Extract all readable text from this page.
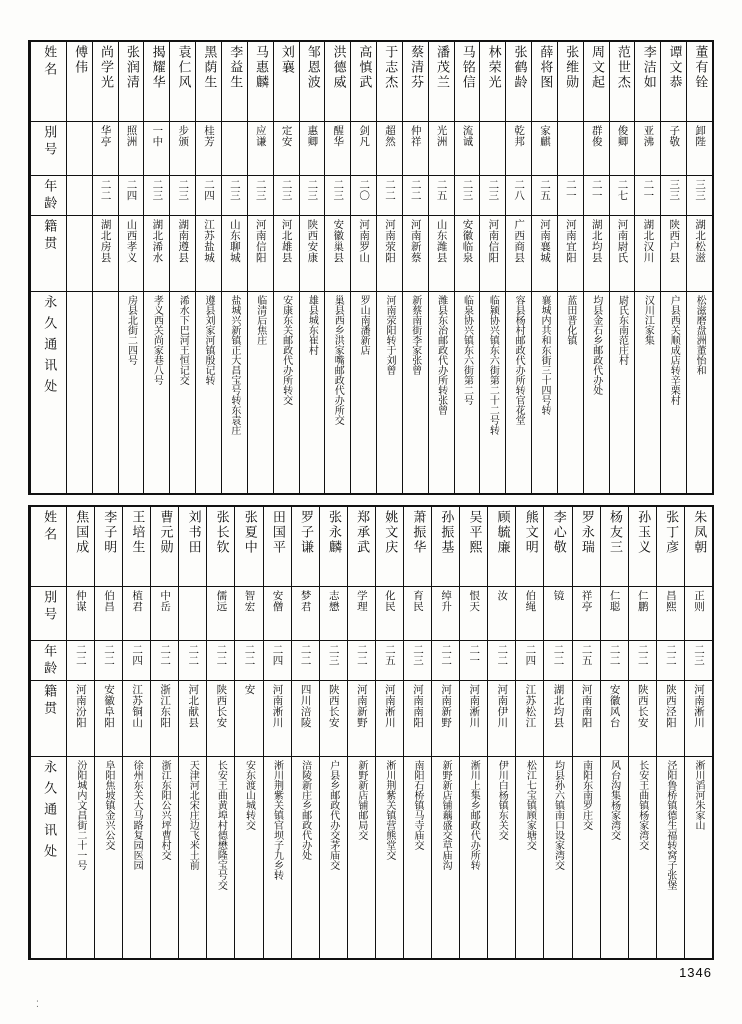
董有铨
卸陛
三三
湖北松滋
松滋磨盘洲董怡和
谭文恭
子敬
三三
陕西户县
户县西关顺成店转辛栗村
李洁如
亚沸
二一
湖北汉川
汉川江家集
范世杰
俊卿
二七
河南尉氏
尉氏东南范庄村
周文起
群俊
二一
湖北均县
均县金石乡邮政代办处
张维勋
二一
河南宜阳
蓝田普化镇
薛将图
家麒
二五
河南襄城
襄城内共和东街三十四号转
张鹤龄
乾邦
二八
广西商县
容县杨村邮政代办所转官花堂
林荣光
二三
河南信阳
临颍协兴镇东六街第二十二号转
马铭信
流诚
二三
安徽临泉
临泉协兴镇东六街第二号
潘茂兰
光洲
二五
山东潍县
潍县东治邮政代办所转张曾
蔡清芬
仲祥
二二
河南新蔡
新蔡南街李家张曾
于志杰
超然
二二
河南荥阳
河南荥阳转于刘曾
高慎武
剑凡
二〇
河南罗山
罗山南潘新店
洪德威
醒华
二三
安徽巢县
巢县西乡洪家嘴邮政代办所交
邹恩波
惠卿
二三
陕西安康
雄县城东崔村
刘襄
定安
二三
河北雄县
安康东关邮政代办所转交
马惠麟
应谦
二三
河南信阳
临清后焦庄
李益生
二三
山东聊城
盐城兴新镇正大昌宝号转东袁庄
黑荫生
桂芳
二四
江苏盐城
遵县刘家河镇殷记转
袁仁风
步颁
二三
湖南遵县
浠水下巴河王恒记交
揭耀华
一中
二三
湖北浠水
孝义西关尚家巷八号
张润清
照洲
二四
山西孝义
房县北街二四号
尚学光
华亭
二二
湖北房县
傅伟
姓名
別号
年龄
籍贯
永久通讯处
朱凤朝
正则
二三
河南淅川
淅川滔河朱家山
张丁彦
昌熙
二二
陕西泾阳
泾阳鲁桥镇德生福转窝子张堡
孙玉义
仁鹏
二二
陕西长安
长安王曲镇杨家湾交
杨友三
仁聪
二二
安徽风台
风台沟集杨家湾交
罗永瑞
祥亭
二五
河南南阳
南阳东南罗庄交
李心敬
镜
二二
湖北均县
均县孙六镇南口设家湾交
熊文明
伯绳
二四
江苏松江
松江七宝镇顾家塘交
顾毓廉
汝
二二
河南伊川
伊川白杨镇东关交
吴平熙
恨天
二一
河南淅川
淅川上集乡邮政代办所转
孙振基
绰升
二二
河南新野
新野新店铺藕盛交草庙沟
萧振华
育民
二三
河南南阳
南阳石桥镇马寺庙交
姚文庆
化民
二五
河南淅川
淅川荆紫关镇营熊堂交
郑承武
学理
二二
河南新野
新野新店铺邮局交
张永麟
志懋
二三
陕西长安
户县乡邮政代办交茅庙交
罗子谦
梦君
二二
四川涪陵
涪陵新庄乡邮政代办处
田国平
安僧
二四
河南淅川
淅川荆紫关镇官坝子九乡转
张夏中
智宏
二二
安
安东渡山城转交
张长钦
儒远
二二
陕西长安
长安王曲黄埠村德懋隆宝号交
刘书田
二二
河北献县
天津河北宋庄边飞米土前
曹元勋
中岳
二二
浙江东阳
浙江东阳公兴坪曹村交
王培生
植君
二四
江苏铜山
徐州东关大马路复园医园
李子明
伯昌
二二
安徽阜阳
阜阳焦坡镇金兴公交
焦国成
仲谋
二二
河南汾阳
汾阳城内文昌街二十一号
姓名
別号
年龄
籍贯
永久通讯处
1346
⁚
